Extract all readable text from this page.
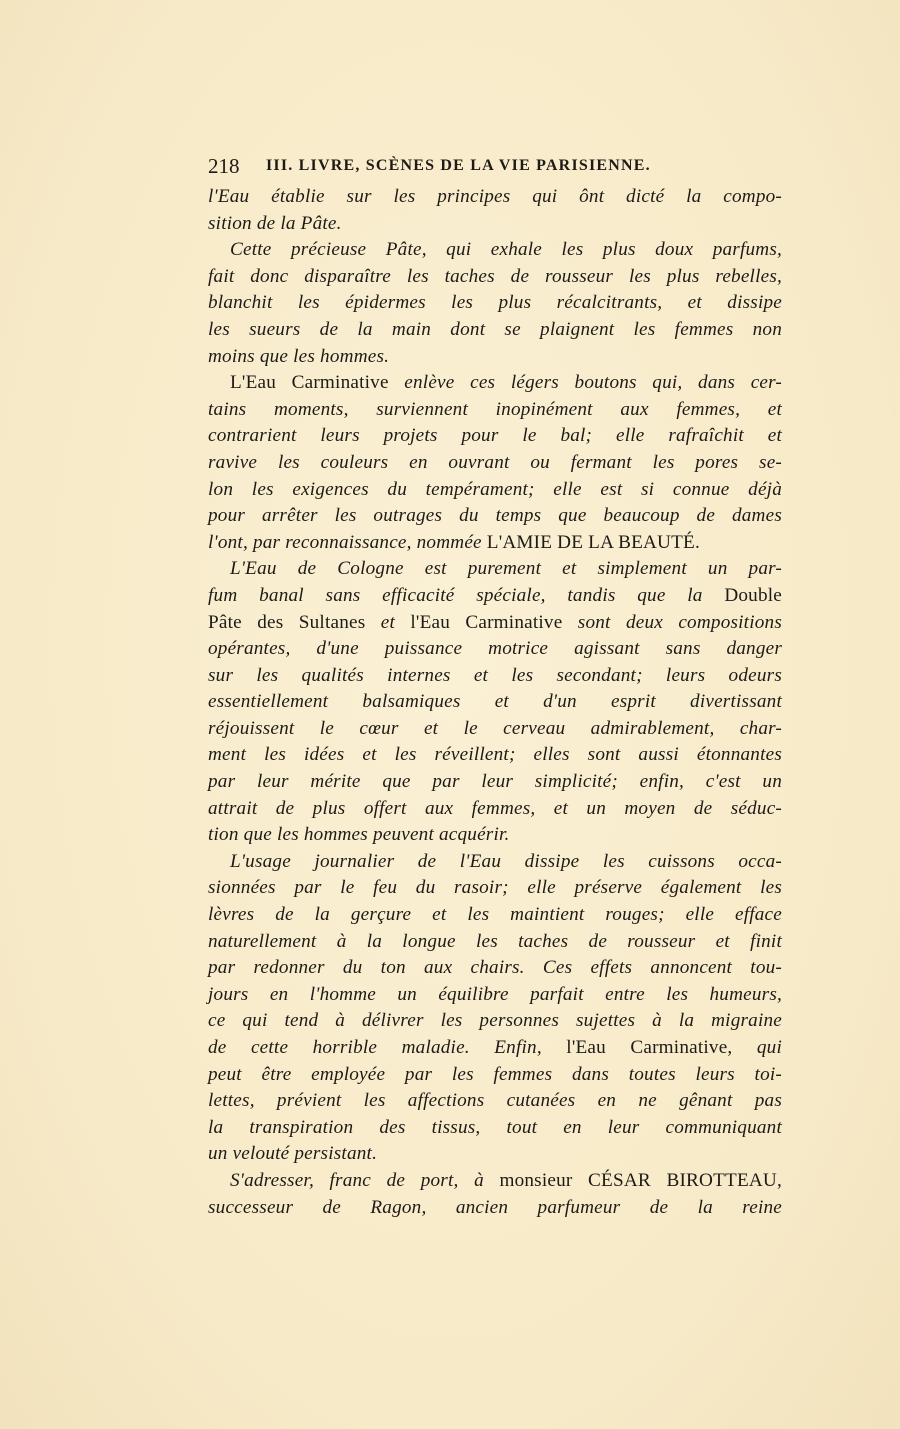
218 III. LIVRE, SCÈNES DE LA VIE PARISIENNE.
l'Eau établie sur les principes qui ônt dicté la compo-
sition de la Pâte.
Cette précieuse Pâte, qui exhale les plus doux parfums,
fait donc disparaître les taches de rousseur les plus rebelles,
blanchit les épidermes les plus récalcitrants, et dissipe
les sueurs de la main dont se plaignent les femmes non
moins que les hommes.
L'Eau Carminative enlève ces légers boutons qui, dans cer-
tains moments, surviennent inopinément aux femmes, et
contrarient leurs projets pour le bal; elle rafraîchit et
ravive les couleurs en ouvrant ou fermant les pores se-
lon les exigences du tempérament; elle est si connue déjà
pour arrêter les outrages du temps que beaucoup de dames
l'ont, par reconnaissance, nommée L'AMIE DE LA BEAUTÉ.
L'Eau de Cologne est purement et simplement un par-
fum banal sans efficacité spéciale, tandis que la Double
Pâte des Sultanes et l'Eau Carminative sont deux compositions
opérantes, d'une puissance motrice agissant sans danger
sur les qualités internes et les secondant; leurs odeurs
essentiellement balsamiques et d'un esprit divertissant
réjouissent le cœur et le cerveau admirablement, char-
ment les idées et les réveillent; elles sont aussi étonnantes
par leur mérite que par leur simplicité; enfin, c'est un
attrait de plus offert aux femmes, et un moyen de séduc-
tion que les hommes peuvent acquérir.
L'usage journalier de l'Eau dissipe les cuissons occa-
sionnées par le feu du rasoir; elle préserve également les
lèvres de la gerçure et les maintient rouges; elle efface
naturellement à la longue les taches de rousseur et finit
par redonner du ton aux chairs. Ces effets annoncent tou-
jours en l'homme un équilibre parfait entre les humeurs,
ce qui tend à délivrer les personnes sujettes à la migraine
de cette horrible maladie. Enfin, l'Eau Carminative, qui
peut être employée par les femmes dans toutes leurs toi-
lettes, prévient les affections cutanées en ne gênant pas
la transpiration des tissus, tout en leur communiquant
un velouté persistant.
S'adresser, franc de port, à monsieur CÉSAR BIROTTEAU,
successeur de Ragon, ancien parfumeur de la reine
